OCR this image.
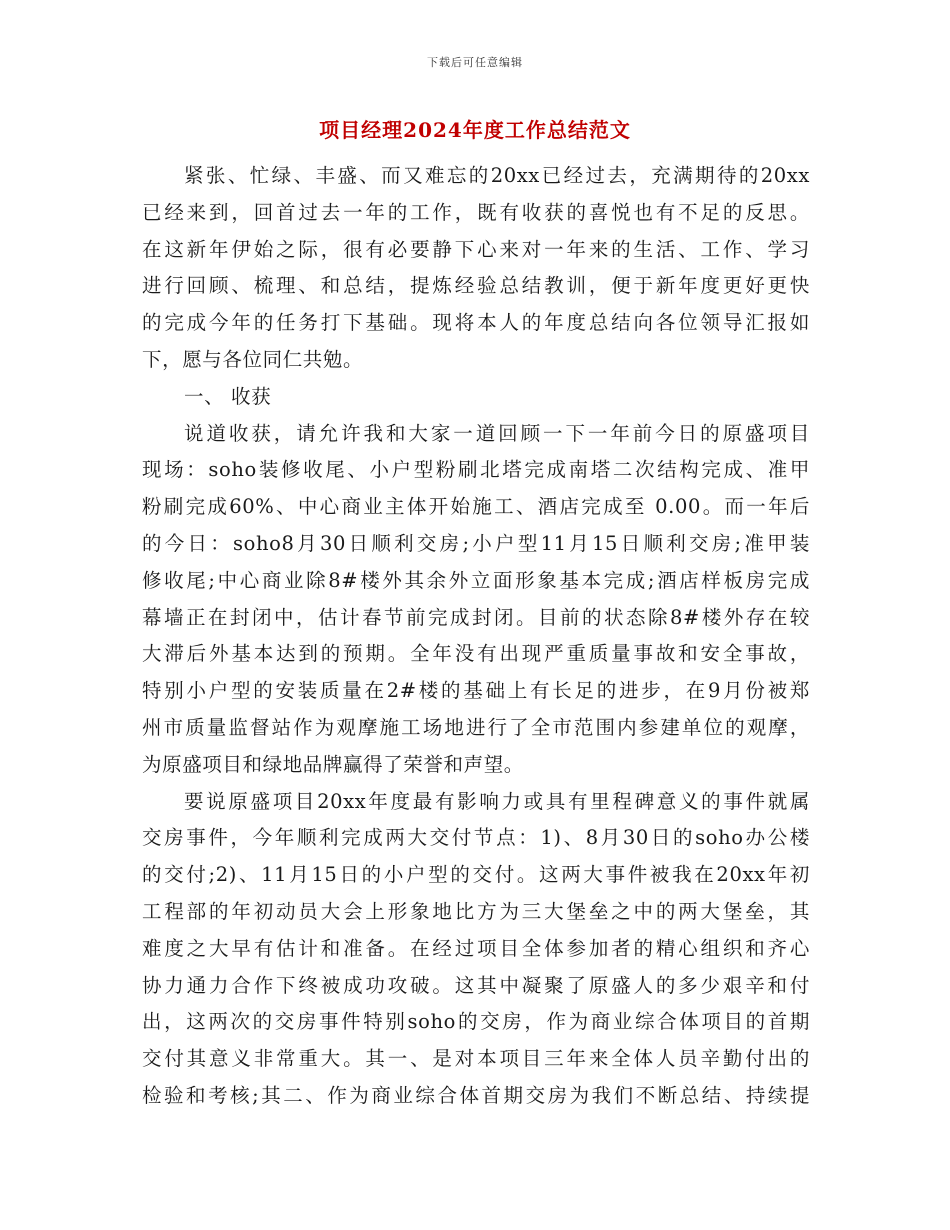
下载后可任意编辑
项目经理2024年度工作总结范文
紧张、忙绿、丰盛、而又难忘的20xx已经过去，充满期待的20xx
已经来到，回首过去一年的工作，既有收获的喜悦也有不足的反思。
在这新年伊始之际，很有必要静下心来对一年来的生活、工作、学习
进行回顾、梳理、和总结，提炼经验总结教训，便于新年度更好更快
的完成今年的任务打下基础。现将本人的年度总结向各位领导汇报如
下，愿与各位同仁共勉。
一、 收获
说道收获，请允许我和大家一道回顾一下一年前今日的原盛项目
现场：soho装修收尾、小户型粉刷北塔完成南塔二次结构完成、准甲
粉刷完成60%、中心商业主体开始施工、酒店完成至 0.00。而一年后
的今日：soho8月30日顺利交房;小户型11月15日顺利交房;准甲装
修收尾;中心商业除8#楼外其余外立面形象基本完成;酒店样板房完成
幕墙正在封闭中，估计春节前完成封闭。目前的状态除8#楼外存在较
大滞后外基本达到的预期。全年没有出现严重质量事故和安全事故，
特别小户型的安装质量在2#楼的基础上有长足的进步，在9月份被郑
州市质量监督站作为观摩施工场地进行了全市范围内参建单位的观摩，
为原盛项目和绿地品牌赢得了荣誉和声望。
要说原盛项目20xx年度最有影响力或具有里程碑意义的事件就属
交房事件，今年顺利完成两大交付节点：1)、8月30日的soho办公楼
的交付;2)、11月15日的小户型的交付。这两大事件被我在20xx年初
工程部的年初动员大会上形象地比方为三大堡垒之中的两大堡垒，其
难度之大早有估计和准备。在经过项目全体参加者的精心组织和齐心
协力通力合作下终被成功攻破。这其中凝聚了原盛人的多少艰辛和付
出，这两次的交房事件特别soho的交房，作为商业综合体项目的首期
交付其意义非常重大。其一、是对本项目三年来全体人员辛勤付出的
检验和考核;其二、作为商业综合体首期交房为我们不断总结、持续提
